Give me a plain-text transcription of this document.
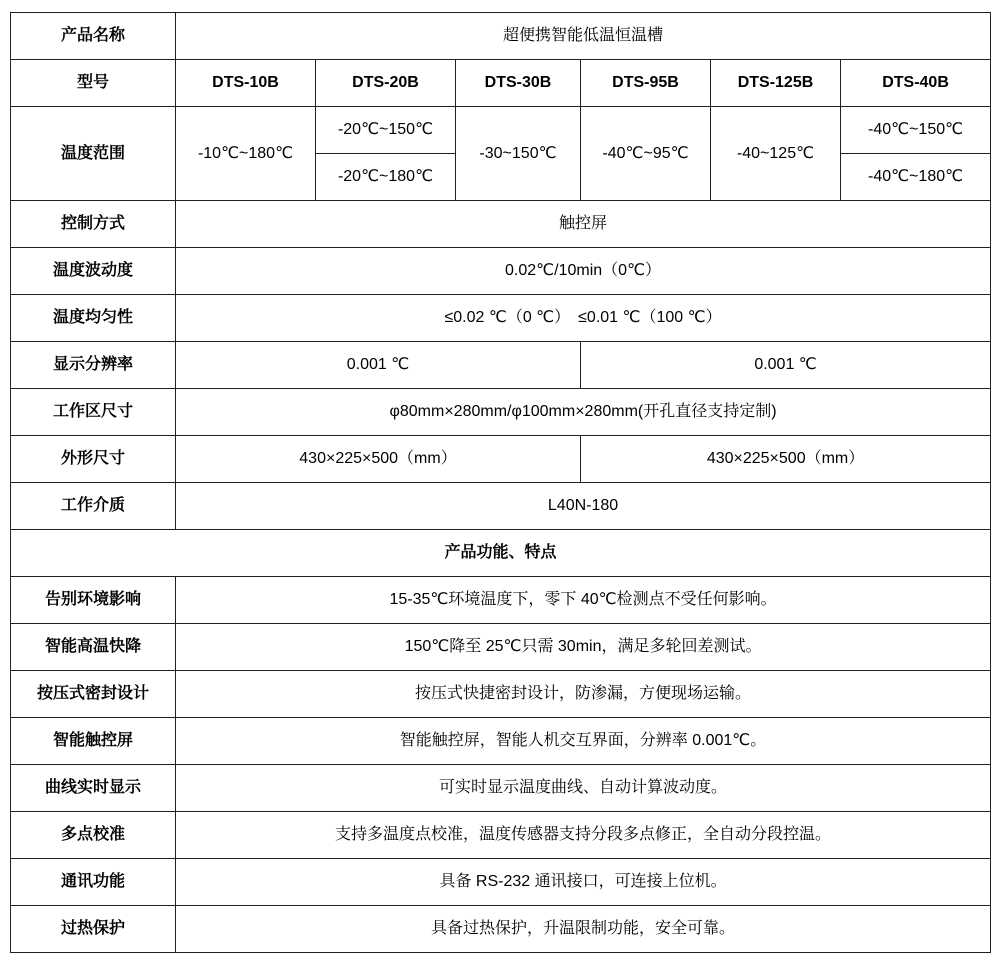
产品名称	超便携智能低温恒温槽					
型号	DTS-10B	DTS-20B	DTS-30B	DTS-95B	DTS-125B	DTS-40B
温度范围	-10℃~180℃	-20℃~150℃	-30~150℃	-40℃~95℃	-40~125℃	-40℃~150℃
		-20℃~180℃				-40℃~180℃
控制方式	触控屏					
温度波动度	0.02℃/10min（0℃）					
温度均匀性	≤0.02 ℃（0 ℃）　≤0.01 ℃（100 ℃）					
显示分辨率	0.001 ℃			0.001 ℃		
工作区尺寸	φ80mm×280mm/φ100mm×280mm(开孔直径支持定制)					
外形尺寸	430×225×500（mm）			430×225×500（mm）		
工作介质	L40N-180					
产品功能、特点						
告别环境影响	15-35℃环境温度下，零下 40℃检测点不受任何影响。					
智能高温快降	150℃降至 25℃只需 30min，满足多轮回差测试。					
按压式密封设计	按压式快捷密封设计，防渗漏，方便现场运输。					
智能触控屏	智能触控屏，智能人机交互界面，分辨率 0.001℃。					
曲线实时显示	可实时显示温度曲线、自动计算波动度。					
多点校准	支持多温度点校准，温度传感器支持分段多点修正，全自动分段控温。					
通讯功能	具备 RS-232 通讯接口，可连接上位机。					
过热保护	具备过热保护，升温限制功能，安全可靠。					
